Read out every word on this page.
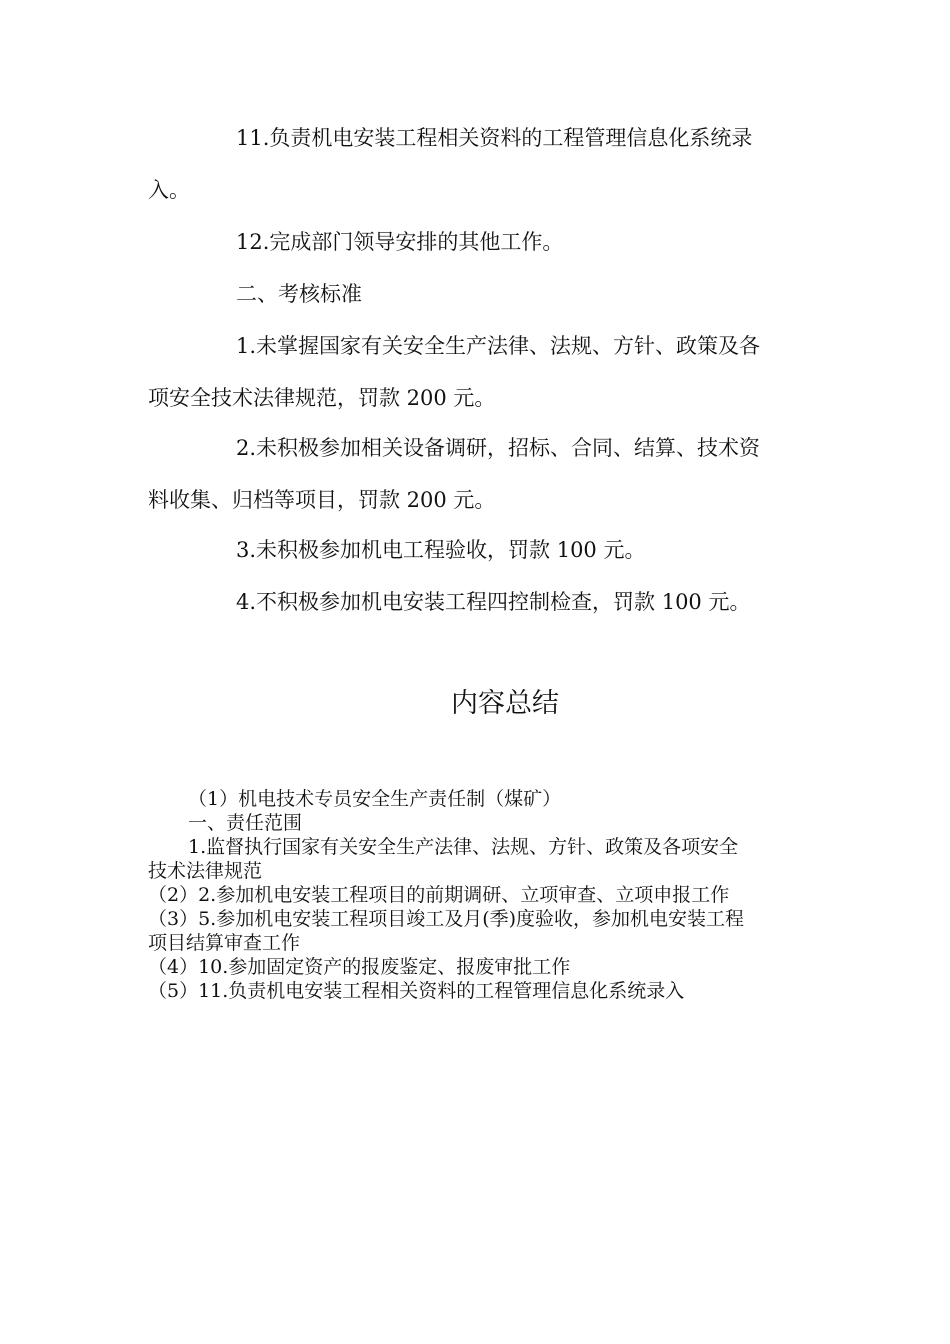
11.负责机电安装工程相关资料的工程管理信息化系统录
入。
12.完成部门领导安排的其他工作。
二、考核标准
1.未掌握国家有关安全生产法律、法规、方针、政策及各
项安全技术法律规范，罚款 200 元。
2.未积极参加相关设备调研，招标、合同、结算、技术资
料收集、归档等项目，罚款 200 元。
3.未积极参加机电工程验收，罚款 100 元。
4.不积极参加机电安装工程四控制检查，罚款 100 元。
内容总结
（1）机电技术专员安全生产责任制（煤矿）
一、责任范围
1.监督执行国家有关安全生产法律、法规、方针、政策及各项安全
技术法律规范
（2）2.参加机电安装工程项目的前期调研、立项审查、立项申报工作
（3）5.参加机电安装工程项目竣工及月(季)度验收，参加机电安装工程
项目结算审查工作
（4）10.参加固定资产的报废鉴定、报废审批工作
（5）11.负责机电安装工程相关资料的工程管理信息化系统录入
